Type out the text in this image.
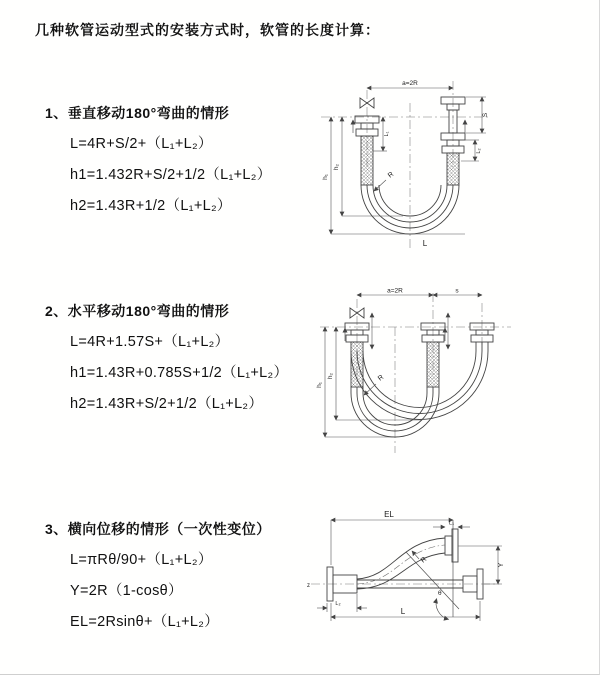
几种软管运动型式的安装方式时，软管的长度计算：
1、垂直移动180°弯曲的情形
L=4R+S/2+（L₁+L₂）
h1=1.432R+S/2+1/2（L₁+L₂）
h2=1.43R+1/2（L₁+L₂）
a=2R
S
L₂
L₁
h₁
h₂
R
L
2、水平移动180°弯曲的情形
L=4R+1.57S+（L₁+L₂）
h1=1.43R+0.785S+1/2（L₁+L₂）
h2=1.43R+S/2+1/2（L₁+L₂）
a=2R	s
h₁
h₂	R
3、横向位移的情形（一次性变位）
L=πRθ/90+（L₁+L₂）
Y=2R（1-cosθ）
EL=2Rsinθ+（L₁+L₂）
EL
L₁
Y
R
θ
L
L₂
z
